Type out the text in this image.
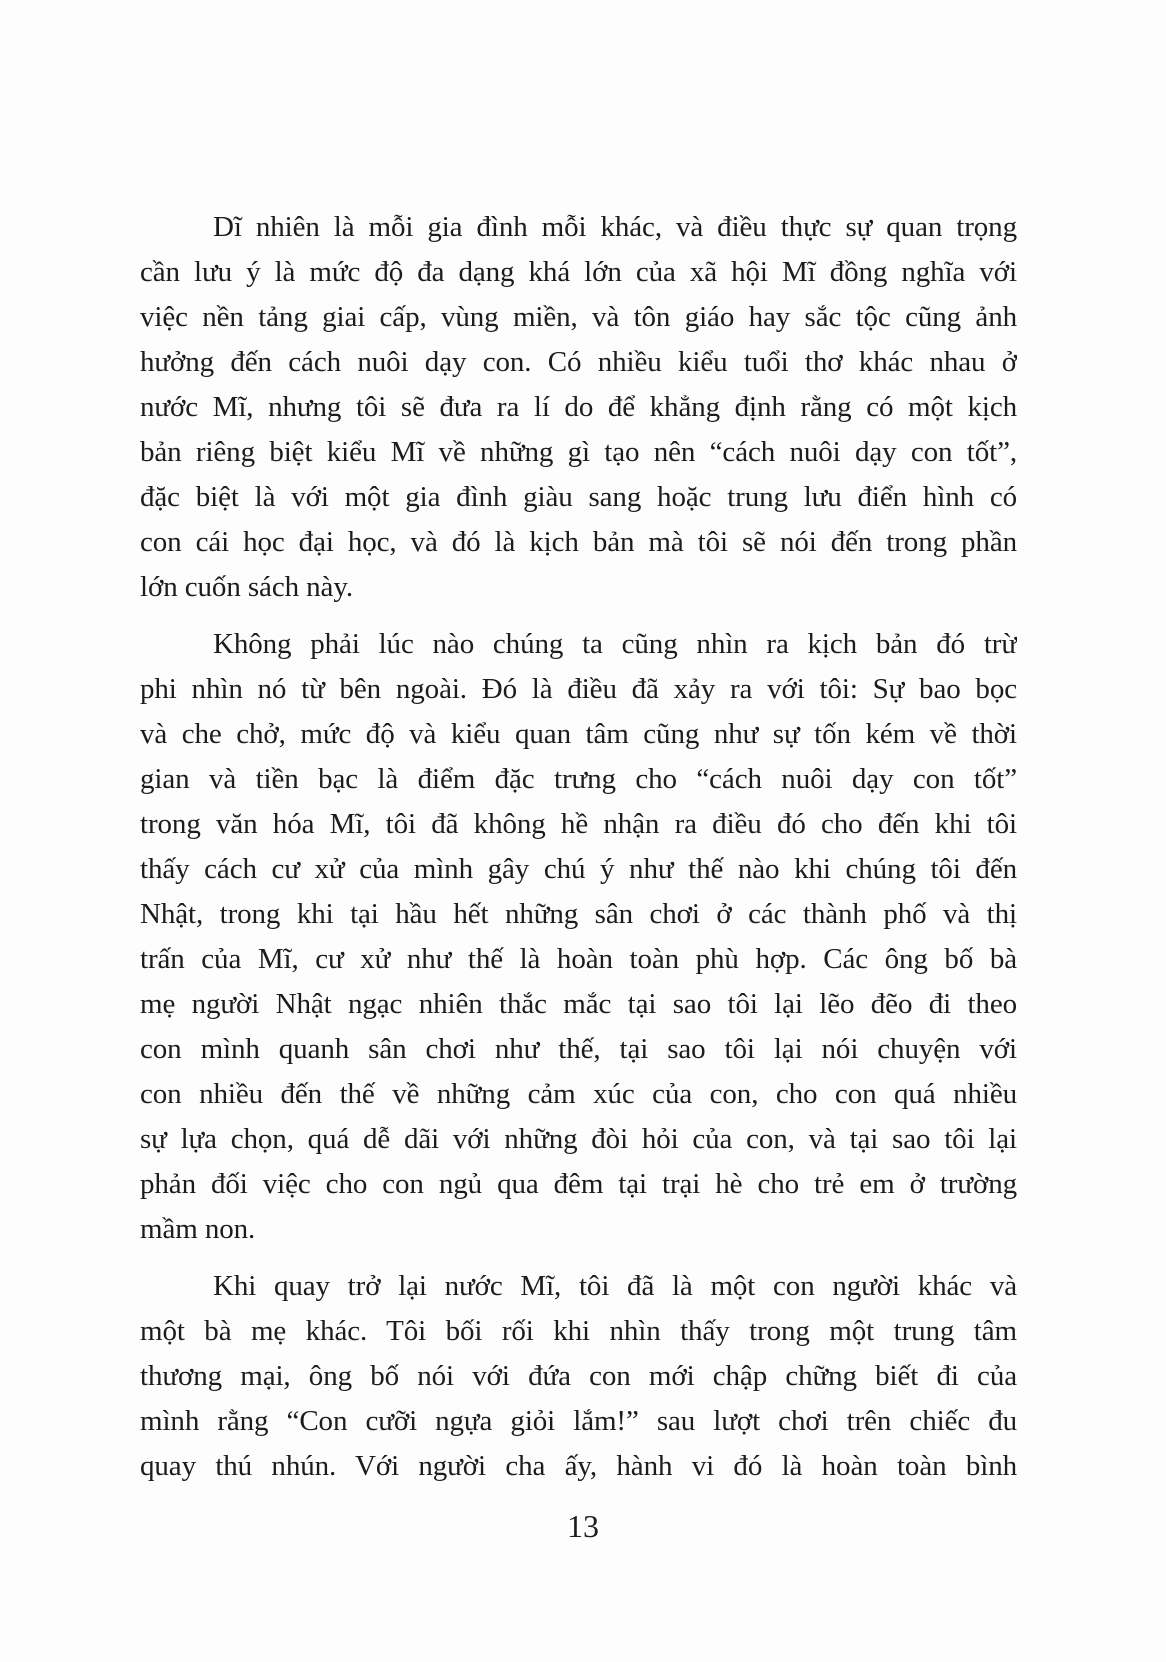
Dĩ nhiên là mỗi gia đình mỗi khác, và điều thực sự quan trọng
cần lưu ý là mức độ đa dạng khá lớn của xã hội Mĩ đồng nghĩa với
việc nền tảng giai cấp, vùng miền, và tôn giáo hay sắc tộc cũng ảnh
hưởng đến cách nuôi dạy con. Có nhiều kiểu tuổi thơ khác nhau ở
nước Mĩ, nhưng tôi sẽ đưa ra lí do để khẳng định rằng có một kịch
bản riêng biệt kiểu Mĩ về những gì tạo nên “cách nuôi dạy con tốt”,
đặc biệt là với một gia đình giàu sang hoặc trung lưu điển hình có
con cái học đại học, và đó là kịch bản mà tôi sẽ nói đến trong phần
lớn cuốn sách này.
Không phải lúc nào chúng ta cũng nhìn ra kịch bản đó trừ
phi nhìn nó từ bên ngoài. Đó là điều đã xảy ra với tôi: Sự bao bọc
và che chở, mức độ và kiểu quan tâm cũng như sự tốn kém về thời
gian và tiền bạc là điểm đặc trưng cho “cách nuôi dạy con tốt”
trong văn hóa Mĩ, tôi đã không hề nhận ra điều đó cho đến khi tôi
thấy cách cư xử của mình gây chú ý như thế nào khi chúng tôi đến
Nhật, trong khi tại hầu hết những sân chơi ở các thành phố và thị
trấn của Mĩ, cư xử như thế là hoàn toàn phù hợp. Các ông bố bà
mẹ người Nhật ngạc nhiên thắc mắc tại sao tôi lại lẽo đẽo đi theo
con mình quanh sân chơi như thế, tại sao tôi lại nói chuyện với
con nhiều đến thế về những cảm xúc của con, cho con quá nhiều
sự lựa chọn, quá dễ dãi với những đòi hỏi của con, và tại sao tôi lại
phản đối việc cho con ngủ qua đêm tại trại hè cho trẻ em ở trường
mầm non.
Khi quay trở lại nước Mĩ, tôi đã là một con người khác và
một bà mẹ khác. Tôi bối rối khi nhìn thấy trong một trung tâm
thương mại, ông bố nói với đứa con mới chập chững biết đi của
mình rằng “Con cưỡi ngựa giỏi lắm!” sau lượt chơi trên chiếc đu
quay thú nhún. Với người cha ấy, hành vi đó là hoàn toàn bình
13
